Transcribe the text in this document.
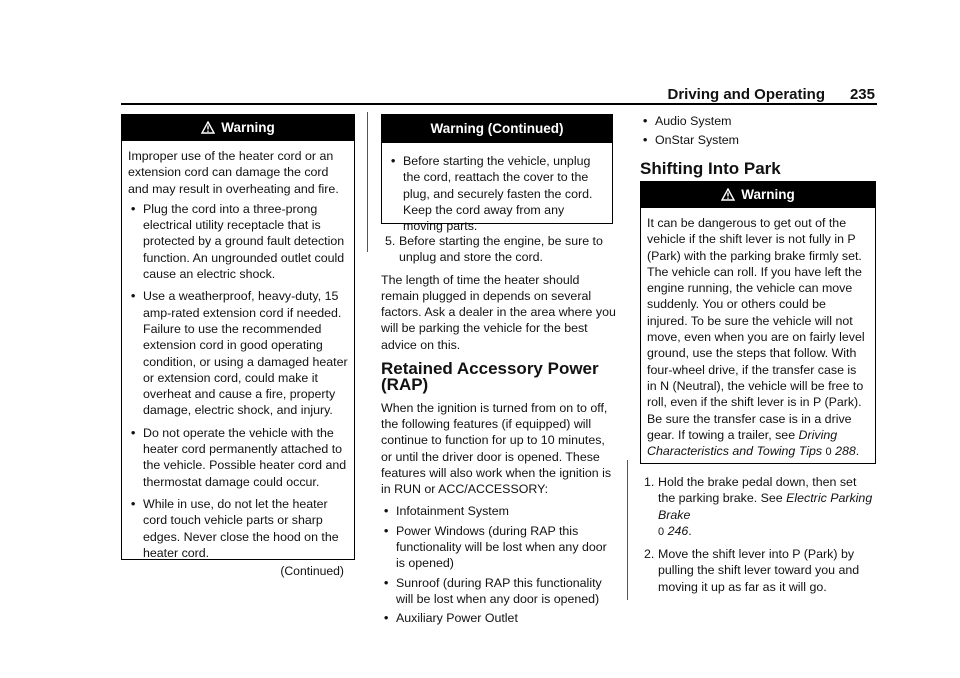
Driving and Operating 235
Warning

Improper use of the heater cord or an extension cord can damage the cord and may result in overheating and fire.

• Plug the cord into a three-prong electrical utility receptacle that is protected by a ground fault detection function. An ungrounded outlet could cause an electric shock.
• Use a weatherproof, heavy-duty, 15 amp-rated extension cord if needed. Failure to use the recommended extension cord in good operating condition, or using a damaged heater or extension cord, could make it overheat and cause a fire, property damage, electric shock, and injury.
• Do not operate the vehicle with the heater cord permanently attached to the vehicle. Possible heater cord and thermostat damage could occur.
• While in use, do not let the heater cord touch vehicle parts or sharp edges. Never close the hood on the heater cord.
(Continued)
Warning (Continued)
• Before starting the vehicle, unplug the cord, reattach the cover to the plug, and securely fasten the cord. Keep the cord away from any moving parts.
5. Before starting the engine, be sure to unplug and store the cord.

The length of time the heater should remain plugged in depends on several factors. Ask a dealer in the area where you will be parking the vehicle for the best advice on this.

Retained Accessory Power (RAP)

When the ignition is turned from on to off, the following features (if equipped) will continue to function for up to 10 minutes, or until the driver door is opened. These features will also work when the ignition is in RUN or ACC/ACCESSORY:

• Infotainment System
• Power Windows (during RAP this functionality will be lost when any door is opened)
• Sunroof (during RAP this functionality will be lost when any door is opened)
• Auxiliary Power Outlet
• Audio System
• OnStar System
Shifting Into Park
Warning

It can be dangerous to get out of the vehicle if the shift lever is not fully in P (Park) with the parking brake firmly set. The vehicle can roll. If you have left the engine running, the vehicle can move suddenly. You or others could be injured. To be sure the vehicle will not move, even when you are on fairly level ground, use the steps that follow. With four-wheel drive, if the transfer case is in N (Neutral), the vehicle will be free to roll, even if the shift lever is in P (Park). Be sure the transfer case is in a drive gear. If towing a trailer, see Driving Characteristics and Towing Tips 0 288.

1. Hold the brake pedal down, then set the parking brake. See Electric Parking Brake
0 246.
2. Move the shift lever into P (Park) by pulling the shift lever toward you and moving it up as far as it will go.
